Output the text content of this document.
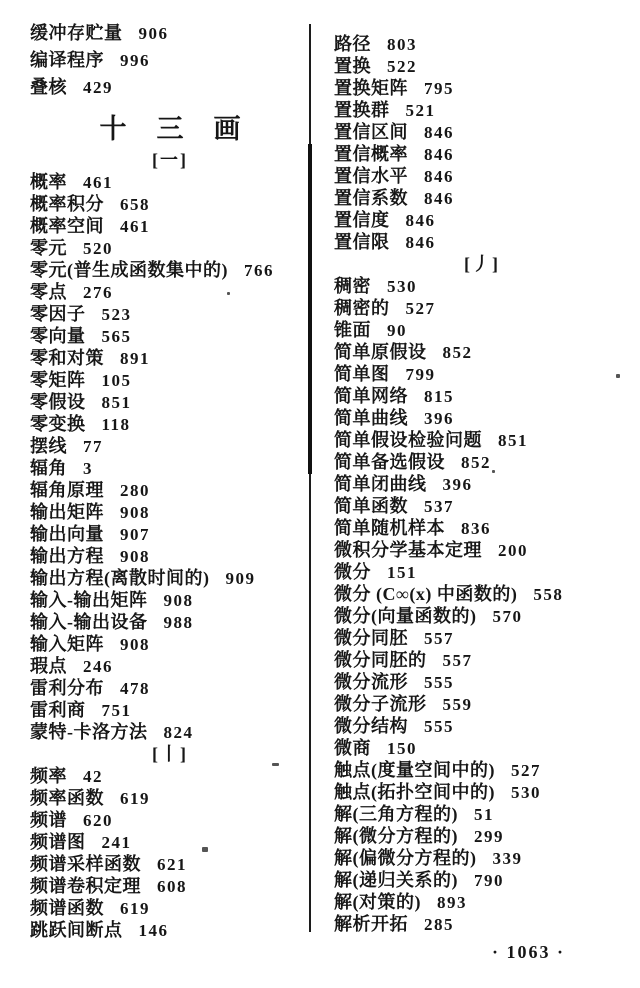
缓冲存贮量 906
编译程序 996
叠核 429
十三画
[一]
概率 461
概率积分 658
概率空间 461
零元 520
零元(普生成函数集中的) 766
零点 276
零因子 523
零向量 565
零和对策 891
零矩阵 105
零假设 851
零变换 118
摆线 77
辐角 3
辐角原理 280
输出矩阵 908
输出向量 907
输出方程 908
输出方程(离散时间的) 909
输入-输出矩阵 908
输入-输出设备 988
输入矩阵 908
瑕点 246
雷利分布 478
雷利商 751
蒙特-卡洛方法 824
[丨]
频率 42
频率函数 619
频谱 620
频谱图 241
频谱采样函数 621
频谱卷积定理 608
频谱函数 619
跳跃间断点 146
路径 803
置换 522
置换矩阵 795
置换群 521
置信区间 846
置信概率 846
置信水平 846
置信系数 846
置信度 846
置信限 846
[丿]
稠密 530
稠密的 527
锥面 90
简单原假设 852
简单图 799
简单网络 815
简单曲线 396
简单假设检验问题 851
简单备选假设 852
简单闭曲线 396
简单函数 537
简单随机样本 836
微积分学基本定理 200
微分 151
微分 (C∞(x) 中函数的) 558
微分(向量函数的) 570
微分同胚 557
微分同胚的 557
微分流形 555
微分子流形 559
微分结构 555
微商 150
触点(度量空间中的) 527
触点(拓扑空间中的) 530
解(三角方程的) 51
解(微分方程的) 299
解(偏微分方程的) 339
解(递归关系的) 790
解(对策的) 893
解析开拓 285
· 1063 ·
